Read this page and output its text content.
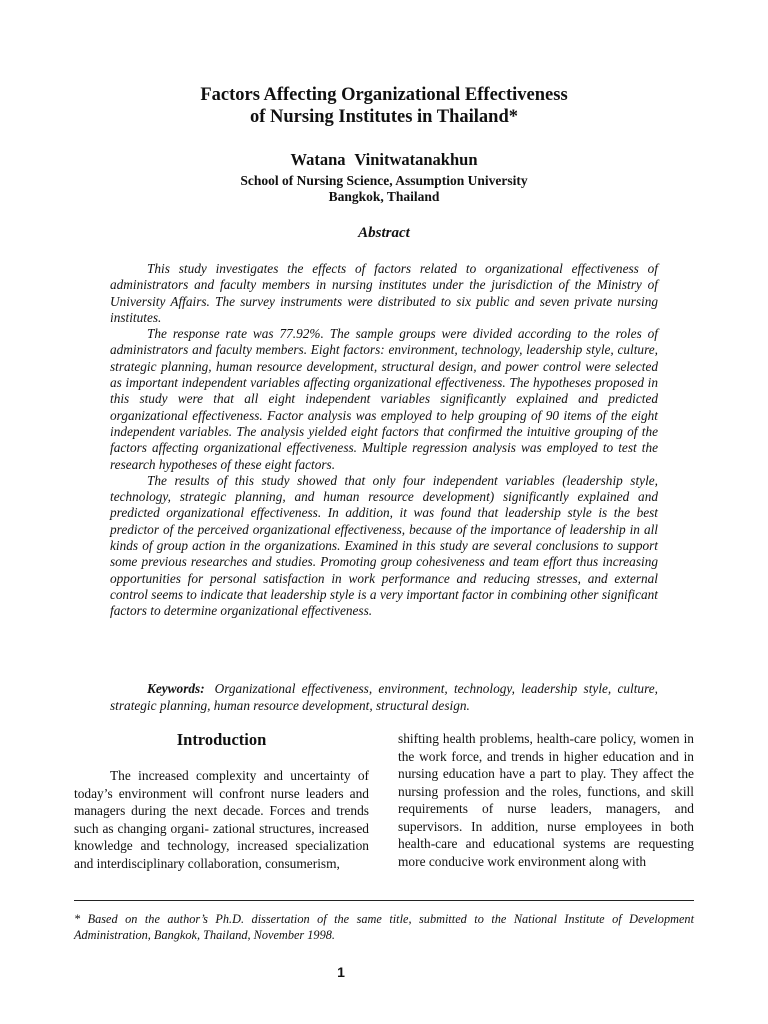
Factors Affecting Organizational Effectiveness
of Nursing Institutes in Thailand*
Watana Vinitwatanakhun
School of Nursing Science, Assumption University
Bangkok, Thailand
Abstract

This study investigates the effects of factors related to organizational effectiveness of administrators and faculty members in nursing institutes under the jurisdiction of the Ministry of University Affairs. The survey instruments were distributed to six public and seven private nursing institutes.

The response rate was 77.92%. The sample groups were divided according to the roles of administrators and faculty members. Eight factors: environment, technology, leadership style, culture, strategic planning, human resource development, structural design, and power control were selected as important independent variables affecting organizational effectiveness. The hypotheses proposed in this study were that all eight independent variables significantly explained and predicted organizational effectiveness. Factor analysis was employed to help grouping of 90 items of the eight independent variables. The analysis yielded eight factors that confirmed the intuitive grouping of the factors affecting organizational effectiveness. Multiple regression analysis was employed to test the research hypotheses of these eight factors.

The results of this study showed that only four independent variables (leadership style, technology, strategic planning, and human resource development) significantly explained and predicted organizational effectiveness. In addition, it was found that leadership style is the best predictor of the perceived organizational effectiveness, because of the importance of leadership in all kinds of group action in the organizations. Examined in this study are several conclusions to support some previous researches and studies. Promoting group cohesiveness and team effort thus increasing opportunities for personal satisfaction in work performance and reducing stresses, and external control seems to indicate that leadership style is a very important factor in combining other significant factors to determine organizational effectiveness.

Keywords: Organizational effectiveness, environment, technology, leadership style, culture, strategic planning, human resource development, structural design.

Introduction

The increased complexity and uncertainty of today’s environment will confront nurse leaders and managers during the next decade. Forces and trends such as changing organi- zational structures, increased knowledge and technology, increased specialization and interdisciplinary collaboration, consumerism,

shifting health problems, health-care policy, women in the work force, and trends in higher education and in nursing education have a part to play. They affect the nursing profession and the roles, functions, and skill requirements of nurse leaders, managers, and supervisors. In addition, nurse employees in both health-care and educational systems are requesting more conducive work environment along with

* Based on the author’s Ph.D. dissertation of the same title, submitted to the National Institute of Development Administration, Bangkok, Thailand, November 1998.

1
